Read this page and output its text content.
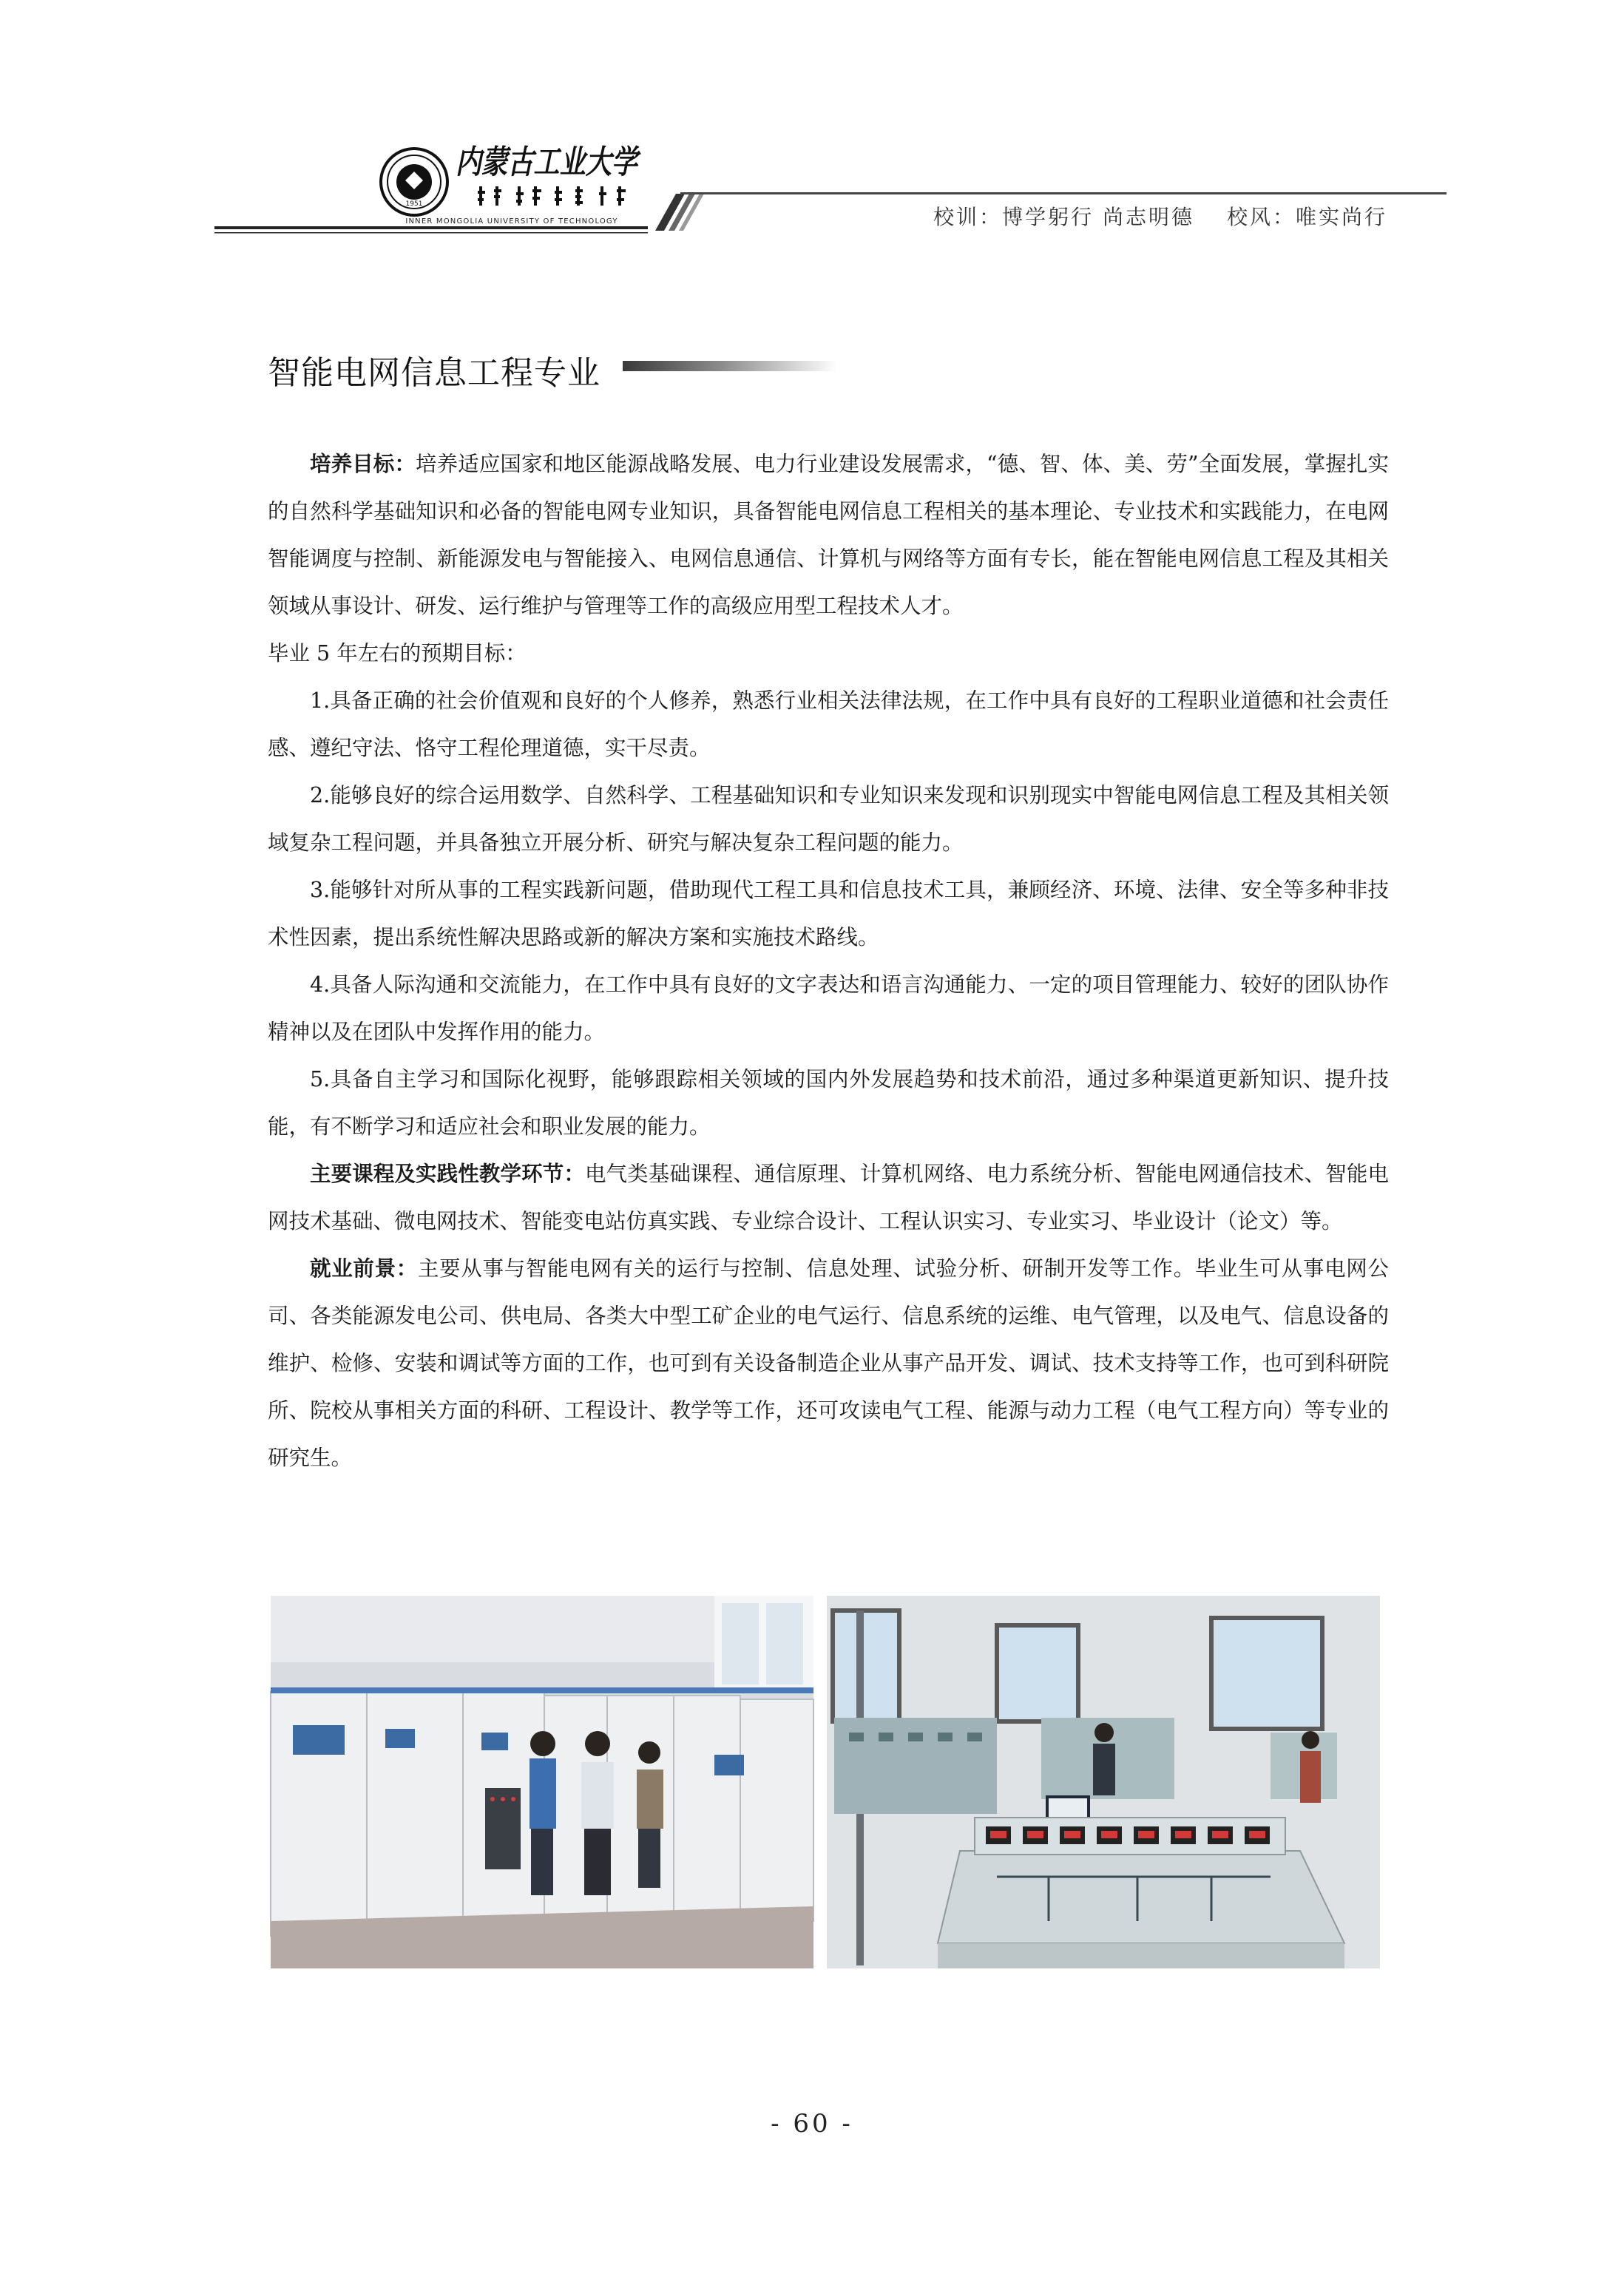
1951
内蒙古工业大学
INNER MONGOLIA UNIVERSITY OF TECHNOLOGY	校训：博学躬行 尚志明德 校风：唯实尚行
智能电网信息工程专业

培养目标：培养适应国家和地区能源战略发展、电力行业建设发展需求，“德、智、体、美、劳”全面发展，掌握扎实的自然科学基础知识和必备的智能电网专业知识，具备智能电网信息工程相关的基本理论、专业技术和实践能力，在电网智能调度与控制、新能源发电与智能接入、电网信息通信、计算机与网络等方面有专长，能在智能电网信息工程及其相关领域从事设计、研发、运行维护与管理等工作的高级应用型工程技术人才。

毕业 5 年左右的预期目标：

1.具备正确的社会价值观和良好的个人修养，熟悉行业相关法律法规，在工作中具有良好的工程职业道德和社会责任感、遵纪守法、恪守工程伦理道德，实干尽责。

2.能够良好的综合运用数学、自然科学、工程基础知识和专业知识来发现和识别现实中智能电网信息工程及其相关领域复杂工程问题，并具备独立开展分析、研究与解决复杂工程问题的能力。

3.能够针对所从事的工程实践新问题，借助现代工程工具和信息技术工具，兼顾经济、环境、法律、安全等多种非技术性因素，提出系统性解决思路或新的解决方案和实施技术路线。

4.具备人际沟通和交流能力，在工作中具有良好的文字表达和语言沟通能力、一定的项目管理能力、较好的团队协作精神以及在团队中发挥作用的能力。

5.具备自主学习和国际化视野，能够跟踪相关领域的国内外发展趋势和技术前沿，通过多种渠道更新知识、提升技能，有不断学习和适应社会和职业发展的能力。

主要课程及实践性教学环节：电气类基础课程、通信原理、计算机网络、电力系统分析、智能电网通信技术、智能电网技术基础、微电网技术、智能变电站仿真实践、专业综合设计、工程认识实习、专业实习、毕业设计（论文）等。

就业前景：主要从事与智能电网有关的运行与控制、信息处理、试验分析、研制开发等工作。毕业生可从事电网公司、各类能源发电公司、供电局、各类大中型工矿企业的电气运行、信息系统的运维、电气管理，以及电气、信息设备的维护、检修、安装和调试等方面的工作，也可到有关设备制造企业从事产品开发、调试、技术支持等工作，也可到科研院所、院校从事相关方面的科研、工程设计、教学等工作，还可攻读电气工程、能源与动力工程（电气工程方向）等专业的研究生。

- 60 -
